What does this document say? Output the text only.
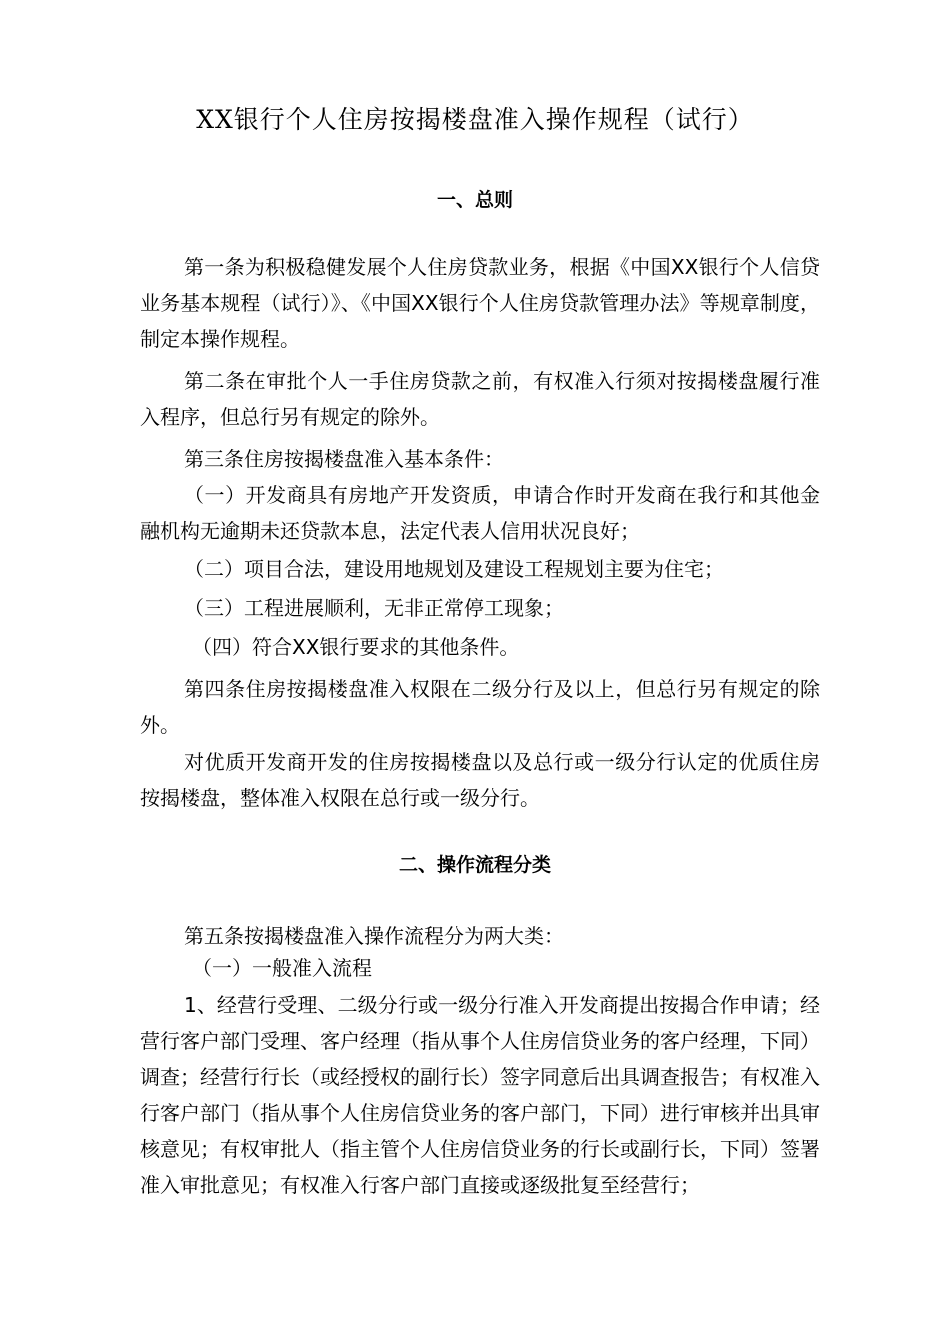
XX银行个人住房按揭楼盘准入操作规程（试行）
一、总则

第一条为积极稳健发展个人住房贷款业务，根据《中国XX银行个人信贷业务基本规程（试行）》、《中国XX银行个人住房贷款管理办法》等规章制度，制定本操作规程。

第二条在审批个人一手住房贷款之前，有权准入行须对按揭楼盘履行准入程序，但总行另有规定的除外。

第三条住房按揭楼盘准入基本条件：

（一）开发商具有房地产开发资质，申请合作时开发商在我行和其他金融机构无逾期未还贷款本息，法定代表人信用状况良好；

（二）项目合法，建设用地规划及建设工程规划主要为住宅；

（三）工程进展顺利，无非正常停工现象；

（四）符合XX银行要求的其他条件。

第四条住房按揭楼盘准入权限在二级分行及以上，但总行另有规定的除外。

对优质开发商开发的住房按揭楼盘以及总行或一级分行认定的优质住房按揭楼盘，整体准入权限在总行或一级分行。

二、操作流程分类

第五条按揭楼盘准入操作流程分为两大类：

（一）一般准入流程

1、经营行受理、二级分行或一级分行准入开发商提出按揭合作申请；经营行客户部门受理、客户经理（指从事个人住房信贷业务的客户经理，下同）调查；经营行行长（或经授权的副行长）签字同意后出具调查报告；有权准入行客户部门（指从事个人住房信贷业务的客户部门，下同）进行审核并出具审核意见；有权审批人（指主管个人住房信贷业务的行长或副行长，下同）签署准入审批意见；有权准入行客户部门直接或逐级批复至经营行；
